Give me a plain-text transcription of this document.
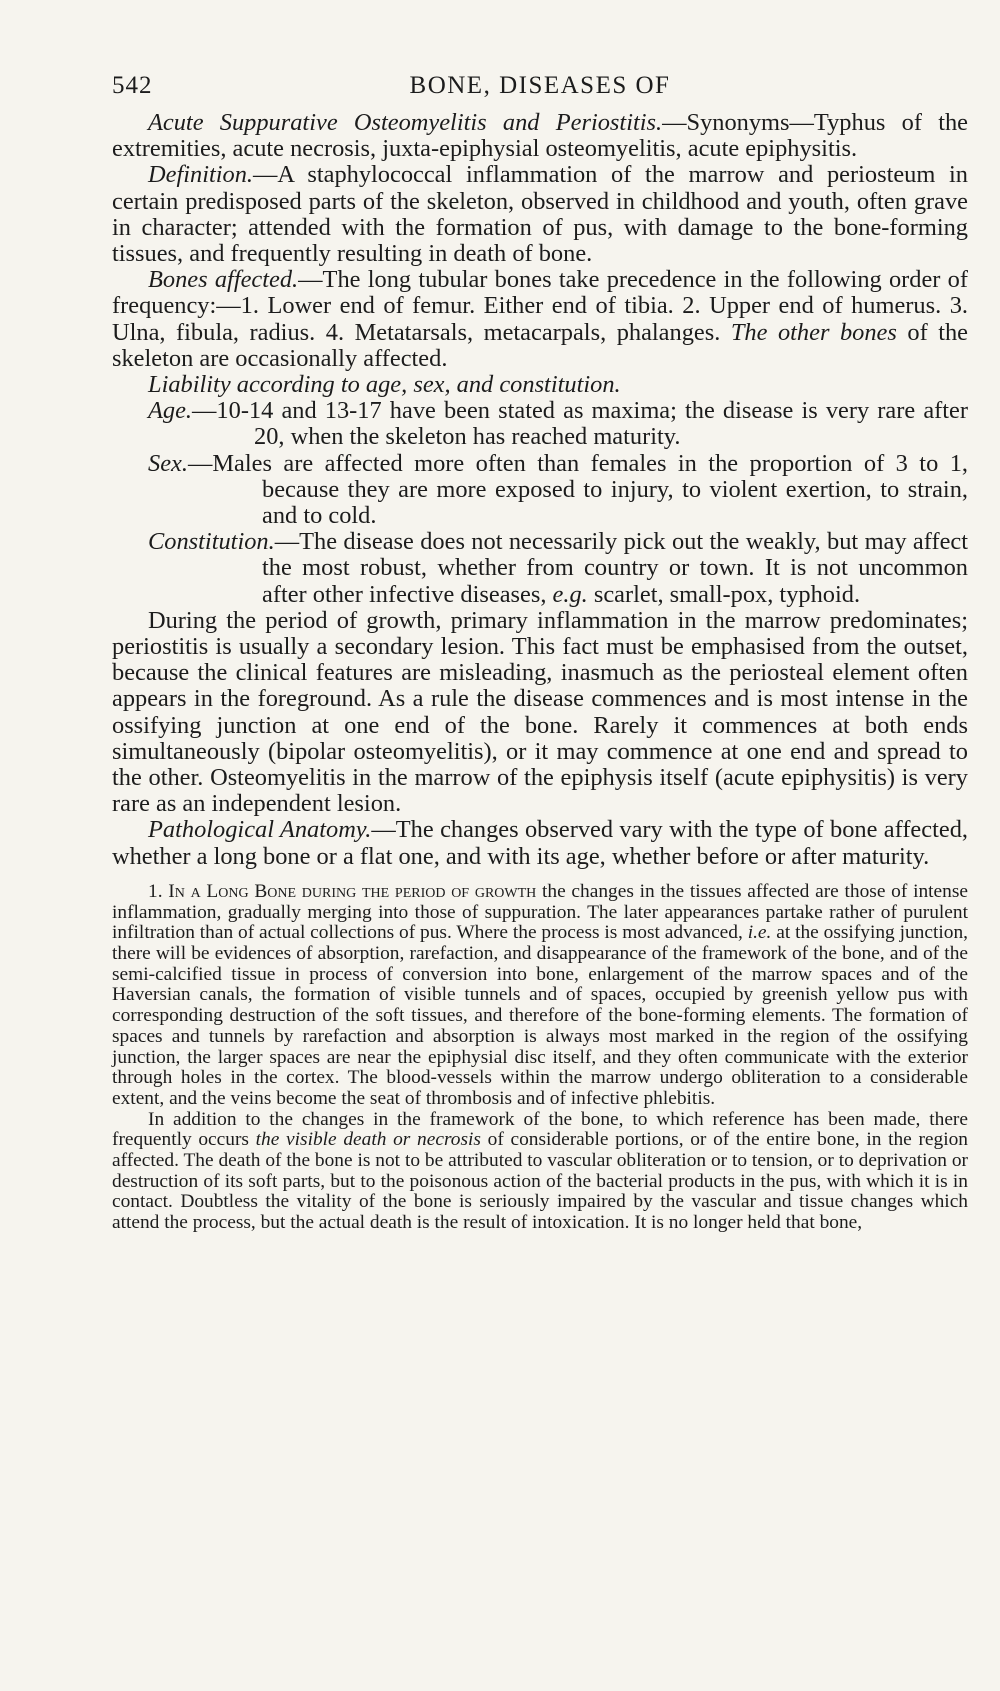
542	BONE, DISEASES OF

Acute Suppurative Osteomyelitis and Periostitis.—Synonyms—Typhus of the extremities, acute necrosis, juxta-epiphysial osteomyelitis, acute epiphysitis.

Definition.—A staphylococcal inflammation of the marrow and periosteum in certain predisposed parts of the skeleton, observed in childhood and youth, often grave in character; attended with the formation of pus, with damage to the bone-forming tissues, and frequently resulting in death of bone.

Bones affected.—The long tubular bones take precedence in the following order of frequency:—1. Lower end of femur. Either end of tibia. 2. Upper end of humerus. 3. Ulna, fibula, radius. 4. Metatarsals, metacarpals, phalanges. The other bones of the skeleton are occasionally affected.

Liability according to age, sex, and constitution.

Age.—10-14 and 13-17 have been stated as maxima; the disease is very rare after 20, when the skeleton has reached maturity.

Sex.—Males are affected more often than females in the proportion of 3 to 1, because they are more exposed to injury, to violent exertion, to strain, and to cold.

Constitution.—The disease does not necessarily pick out the weakly, but may affect the most robust, whether from country or town. It is not uncommon after other infective diseases, e.g. scarlet, small-pox, typhoid.

During the period of growth, primary inflammation in the marrow predominates; periostitis is usually a secondary lesion. This fact must be emphasised from the outset, because the clinical features are misleading, inasmuch as the periosteal element often appears in the foreground. As a rule the disease commences and is most intense in the ossifying junction at one end of the bone. Rarely it commences at both ends simultaneously (bipolar osteomyelitis), or it may commence at one end and spread to the other. Osteomyelitis in the marrow of the epiphysis itself (acute epiphysitis) is very rare as an independent lesion.

Pathological Anatomy.—The changes observed vary with the type of bone affected, whether a long bone or a flat one, and with its age, whether before or after maturity.

1. In a Long Bone during the period of growth the changes in the tissues affected are those of intense inflammation, gradually merging into those of suppuration. The later appearances partake rather of purulent infiltration than of actual collections of pus. Where the process is most advanced, i.e. at the ossifying junction, there will be evidences of absorption, rarefaction, and disappearance of the framework of the bone, and of the semi-calcified tissue in process of conversion into bone, enlargement of the marrow spaces and of the Haversian canals, the formation of visible tunnels and of spaces, occupied by greenish yellow pus with corresponding destruction of the soft tissues, and therefore of the bone-forming elements. The formation of spaces and tunnels by rarefaction and absorption is always most marked in the region of the ossifying junction, the larger spaces are near the epiphysial disc itself, and they often communicate with the exterior through holes in the cortex. The blood-vessels within the marrow undergo obliteration to a considerable extent, and the veins become the seat of thrombosis and of infective phlebitis.

In addition to the changes in the framework of the bone, to which reference has been made, there frequently occurs the visible death or necrosis of considerable portions, or of the entire bone, in the region affected. The death of the bone is not to be attributed to vascular obliteration or to tension, or to deprivation or destruction of its soft parts, but to the poisonous action of the bacterial products in the pus, with which it is in contact. Doubtless the vitality of the bone is seriously impaired by the vascular and tissue changes which attend the process, but the actual death is the result of intoxication. It is no longer held that bone,
